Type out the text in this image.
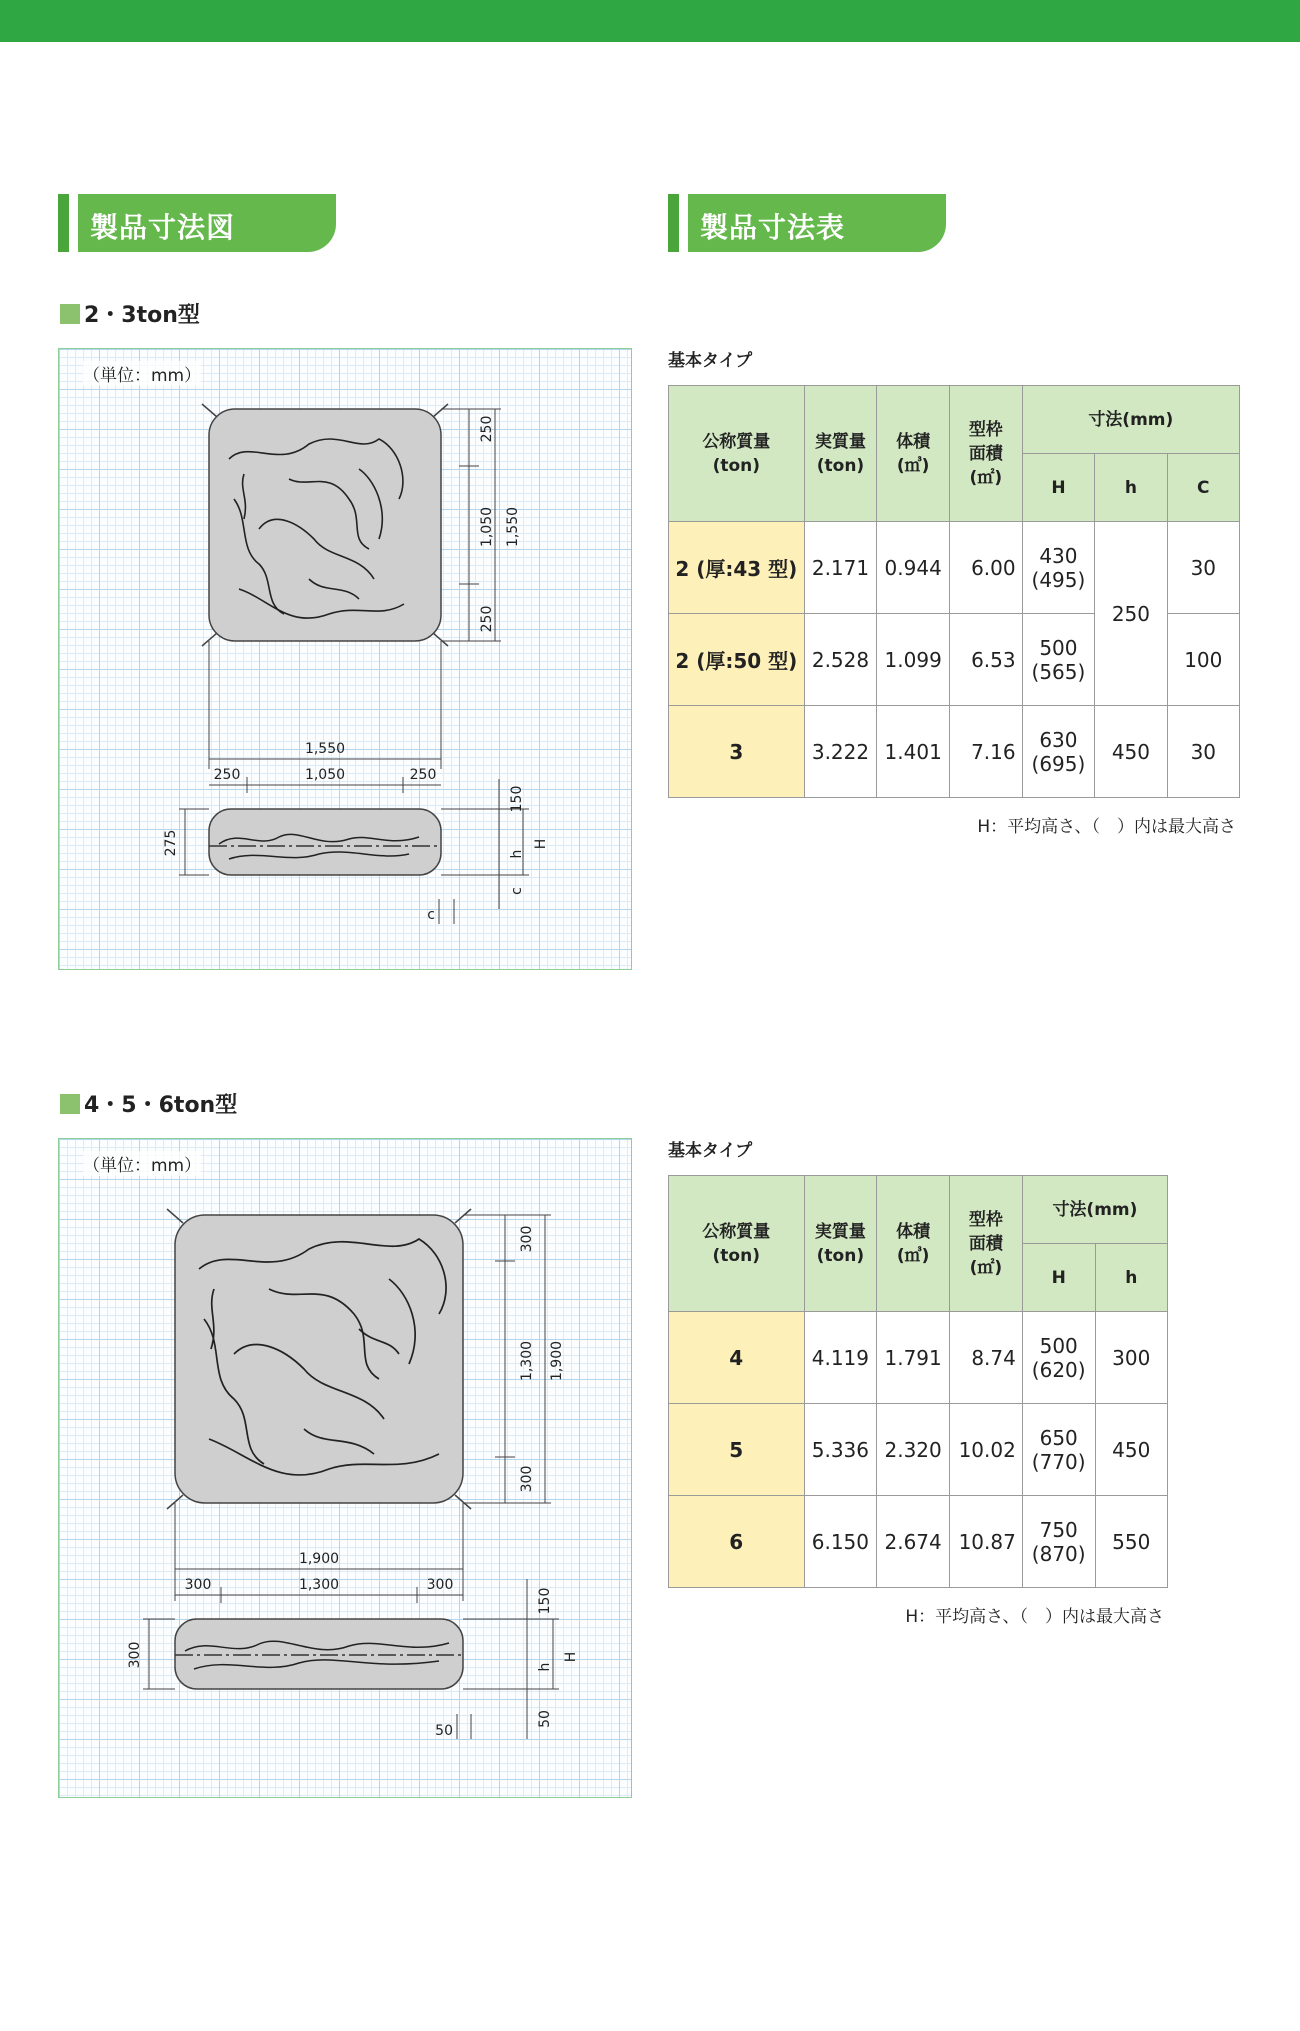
製品寸法図	製品寸法表
2・3ton型
（単位：mm）
250
1,050 1,550
250
1,550
250	1,050	250
150
h
H
c
c
275
基本タイプ
公称質量
(ton)	実質量
(ton)	体積
(㎥)	型枠
面積
(㎡)	寸法(mm)		
				H	h	C
2 (厚:43 型)	2.171	0.944	6.00	430
(495)	250	30
2 (厚:50 型)	2.528	1.099	6.53	500
(565)		100
3	3.222	1.401	7.16	630
(695)	450	30
H：平均高さ、（　）内は最大高さ
4・5・6ton型
（単位：mm）
300
1,300 1,900
300
1,900
300	1,300	300
150
h
H
300
50
50
基本タイプ
公称質量
(ton)	実質量
(ton)	体積
(㎥)	型枠
面積
(㎡)	寸法(mm)	
				H	h
4	4.119	1.791	8.74	500
(620)	300
5	5.336	2.320	10.02	650
(770)	450
6	6.150	2.674	10.87	750
(870)	550
H：平均高さ、（　）内は最大高さ
